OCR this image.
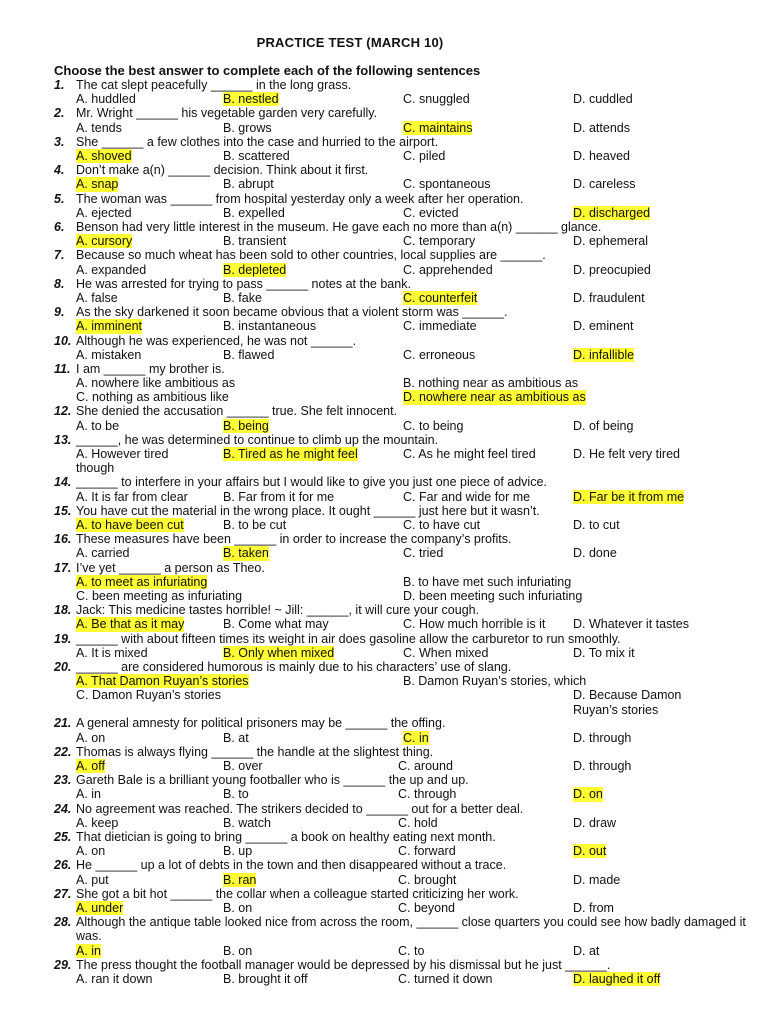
PRACTICE TEST (MARCH 10)
Choose the best answer to complete each of the following sentences
1. The cat slept peacefully ______ in the long grass.
A. huddled	B. nestled	C. snuggled	D. cuddled
2. Mr. Wright ______ his vegetable garden very carefully.
A. tends	B. grows	C. maintains	D. attends
3. She ______ a few clothes into the case and hurried to the airport.
A. shoved	B. scattered	C. piled	D. heaved
4. Don’t make a(n) ______ decision. Think about it first.
A. snap	B. abrupt	C. spontaneous	D. careless
5. The woman was ______ from hospital yesterday only a week after her operation.
A. ejected	B. expelled	C. evicted	D. discharged
6. Benson had very little interest in the museum. He gave each no more than a(n) ______ glance.
A. cursory	B. transient	C. temporary	D. ephemeral
7. Because so much wheat has been sold to other countries, local supplies are ______.
A. expanded	B. depleted	C. apprehended	D. preocupied
8. He was arrested for trying to pass ______ notes at the bank.
A. false	B. fake	C. counterfeit	D. fraudulent
9. As the sky darkened it soon became obvious that a violent storm was ______.
A. imminent	B. instantaneous	C. immediate	D. eminent
10. Although he was experienced, he was not ______.
A. mistaken	B. flawed	C. erroneous	D. infallible
11. I am ______ my brother is.
A. nowhere like ambitious as	B. nothing near as ambitious as
C. nothing as ambitious like	D. nowhere near as ambitious as
12. She denied the accusation ______ true. She felt innocent.
A. to be	B. being	C. to being	D. of being
13. ______, he was determined to continue to climb up the mountain.
A. However tired	B. Tired as he might feel	C. As he might feel tired	D. He felt very tired
though
14. ______ to interfere in your affairs but I would like to give you just one piece of advice.
A. It is far from clear	B. Far from it for me	C. Far and wide for me	D. Far be it from me
15. You have cut the material in the wrong place. It ought ______ just here but it wasn’t.
A. to have been cut	B. to be cut	C. to have cut	D. to cut
16. These measures have been ______ in order to increase the company’s profits.
A. carried	B. taken	C. tried	D. done
17. I’ve yet ______ a person as Theo.
A. to meet as infuriating	B. to have met such infuriating
C. been meeting as infuriating	D. been meeting such infuriating
18. Jack: This medicine tastes horrible! ~ Jill: ______, it will cure your cough.
A. Be that as it may	B. Come what may	C. How much horrible is it D. Whatever it tastes
19. ______ with about fifteen times its weight in air does gasoline allow the carburetor to run smoothly.
A. It is mixed	B. Only when mixed	C. When mixed	D. To mix it
20. ______ are considered humorous is mainly due to his characters’ use of slang.
A. That Damon Ruyan’s stories	B. Damon Ruyan’s stories, which
C. Damon Ruyan’s stories	D. Because Damon Ruyan’s stories
21. A general amnesty for political prisoners may be ______ the offing.
A. on	B. at	C. in	D. through
22. Thomas is always flying ______ the handle at the slightest thing.
A. off	B. over	C. around	D. through
23. Gareth Bale is a brilliant young footballer who is ______ the up and up.
A. in	B. to	C. through	D. on
24. No agreement was reached. The strikers decided to ______ out for a better deal.
A. keep	B. watch	C. hold	D. draw
25. That dietician is going to bring ______ a book on healthy eating next month.
A. on	B. up	C. forward	D. out
26. He ______ up a lot of debts in the town and then disappeared without a trace.
A. put	B. ran	C. brought	D. made
27. She got a bit hot ______ the collar when a colleague started criticizing her work.
A. under	B. on	C. beyond	D. from
28. Although the antique table looked nice from across the room, ______ close quarters you could see how badly damaged it was.
A. in	B. on	C. to	D. at
29. The press thought the football manager would be depressed by his dismissal but he just ______.
A. ran it down	B. brought it off	C. turned it down	D. laughed it off
